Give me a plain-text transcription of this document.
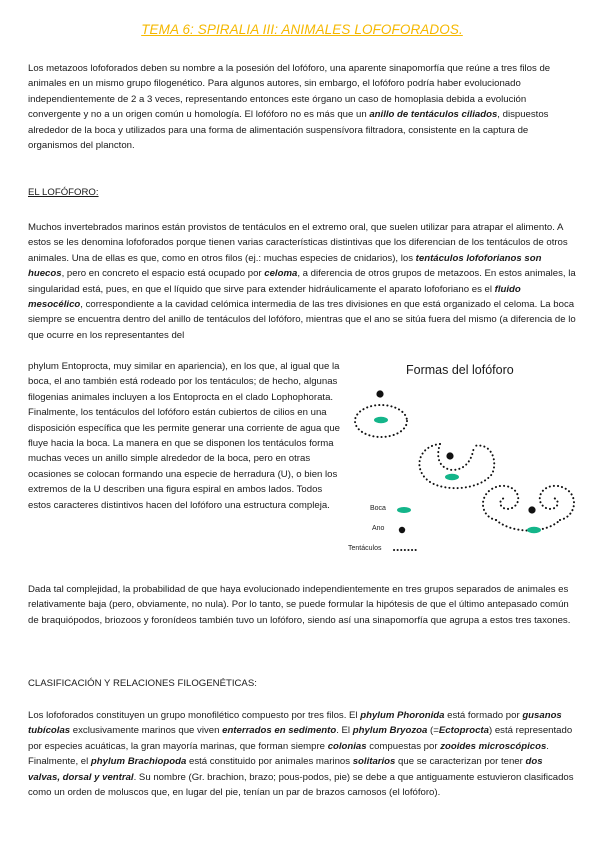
TEMA 6: SPIRALIA III: ANIMALES LOFOFORADOS.

Los metazoos lofoforados deben su nombre a la posesión del lofóforo, una aparente sinapomorfía que reúne a tres filos de animales en un mismo grupo filogenético. Para algunos autores, sin embargo, el lofóforo podría haber evolucionado independientemente de 2 a 3 veces, representando entonces este órgano un caso de homoplasia debida a evolución convergente y no a un origen común u homología. El lofóforo no es más que un anillo de tentáculos ciliados, dispuestos alrededor de la boca y utilizados para una forma de alimentación suspensívora filtradora, consistente en la captura de organismos del plancton.

EL LOFÓFORO:

Muchos invertebrados marinos están provistos de tentáculos en el extremo oral, que suelen utilizar para atrapar el alimento. A estos se les denomina lofoforados porque tienen varias características distintivas que los diferencian de los tentáculos de otros animales. Una de ellas es que, como en otros filos (ej.: muchas especies de cnidarios), los tentáculos lofoforianos son huecos, pero en concreto el espacio está ocupado por celoma, a diferencia de otros grupos de metazoos. En estos animales, la singularidad está, pues, en que el líquido que sirve para extender hidráulicamente el aparato lofoforiano es el fluido mesocélico, correspondiente a la cavidad celómica intermedia de las tres divisiones en que está organizado el celoma. La boca siempre se encuentra dentro del anillo de tentáculos del lofóforo, mientras que el ano se sitúa fuera del mismo (a diferencia de lo que ocurre en los representantes del

phylum Entoprocta, muy similar en apariencia), en los que, al igual que la boca, el ano también está rodeado por los tentáculos; de hecho, algunas filogenias animales incluyen a los Entoprocta en el clado Lophophorata. Finalmente, los tentáculos del lofóforo están cubiertos de cilios en una disposición específica que les permite generar una corriente de agua que fluye hacia la boca. La manera en que se disponen los tentáculos forma muchas veces un anillo simple alrededor de la boca, pero en otras ocasiones se colocan formando una especie de herradura (U), o bien los extremos de la U describen una figura espiral en ambos lados. Todos estos caracteres distintivos hacen del lofóforo una estructura compleja.

Dada tal complejidad, la probabilidad de que haya evolucionado independientemente en tres grupos separados de animales es relativamente baja (pero, obviamente, no nula). Por lo tanto, se puede formular la hipótesis de que el último antepasado común de braquiópodos, briozoos y foronídeos también tuvo un lofóforo, siendo así una sinapomorfía que agrupa a estos tres taxones.

CLASIFICACIÓN Y RELACIONES FILOGENÉTICAS:

Los lofoforados constituyen un grupo monofilético compuesto por tres filos. El phylum Phoronida está formado por gusanos tubícolas exclusivamente marinos que viven enterrados en sedimento. El phylum Bryozoa (=Ectoprocta) está representado por especies acuáticas, la gran mayoría marinas, que forman siempre colonias compuestas por zooides microscópicos. Finalmente, el phylum Brachiopoda está constituido por animales marinos solitarios que se caracterizan por tener dos valvas, dorsal y ventral. Su nombre (Gr. brachion, brazo; pous-podos, pie) se debe a que antiguamente estuvieron clasificados como un orden de moluscos que, en lugar del pie, tenían un par de brazos carnosos (el lofóforo).

Formas del lofóforo
Boca
Ano
Tentáculos
